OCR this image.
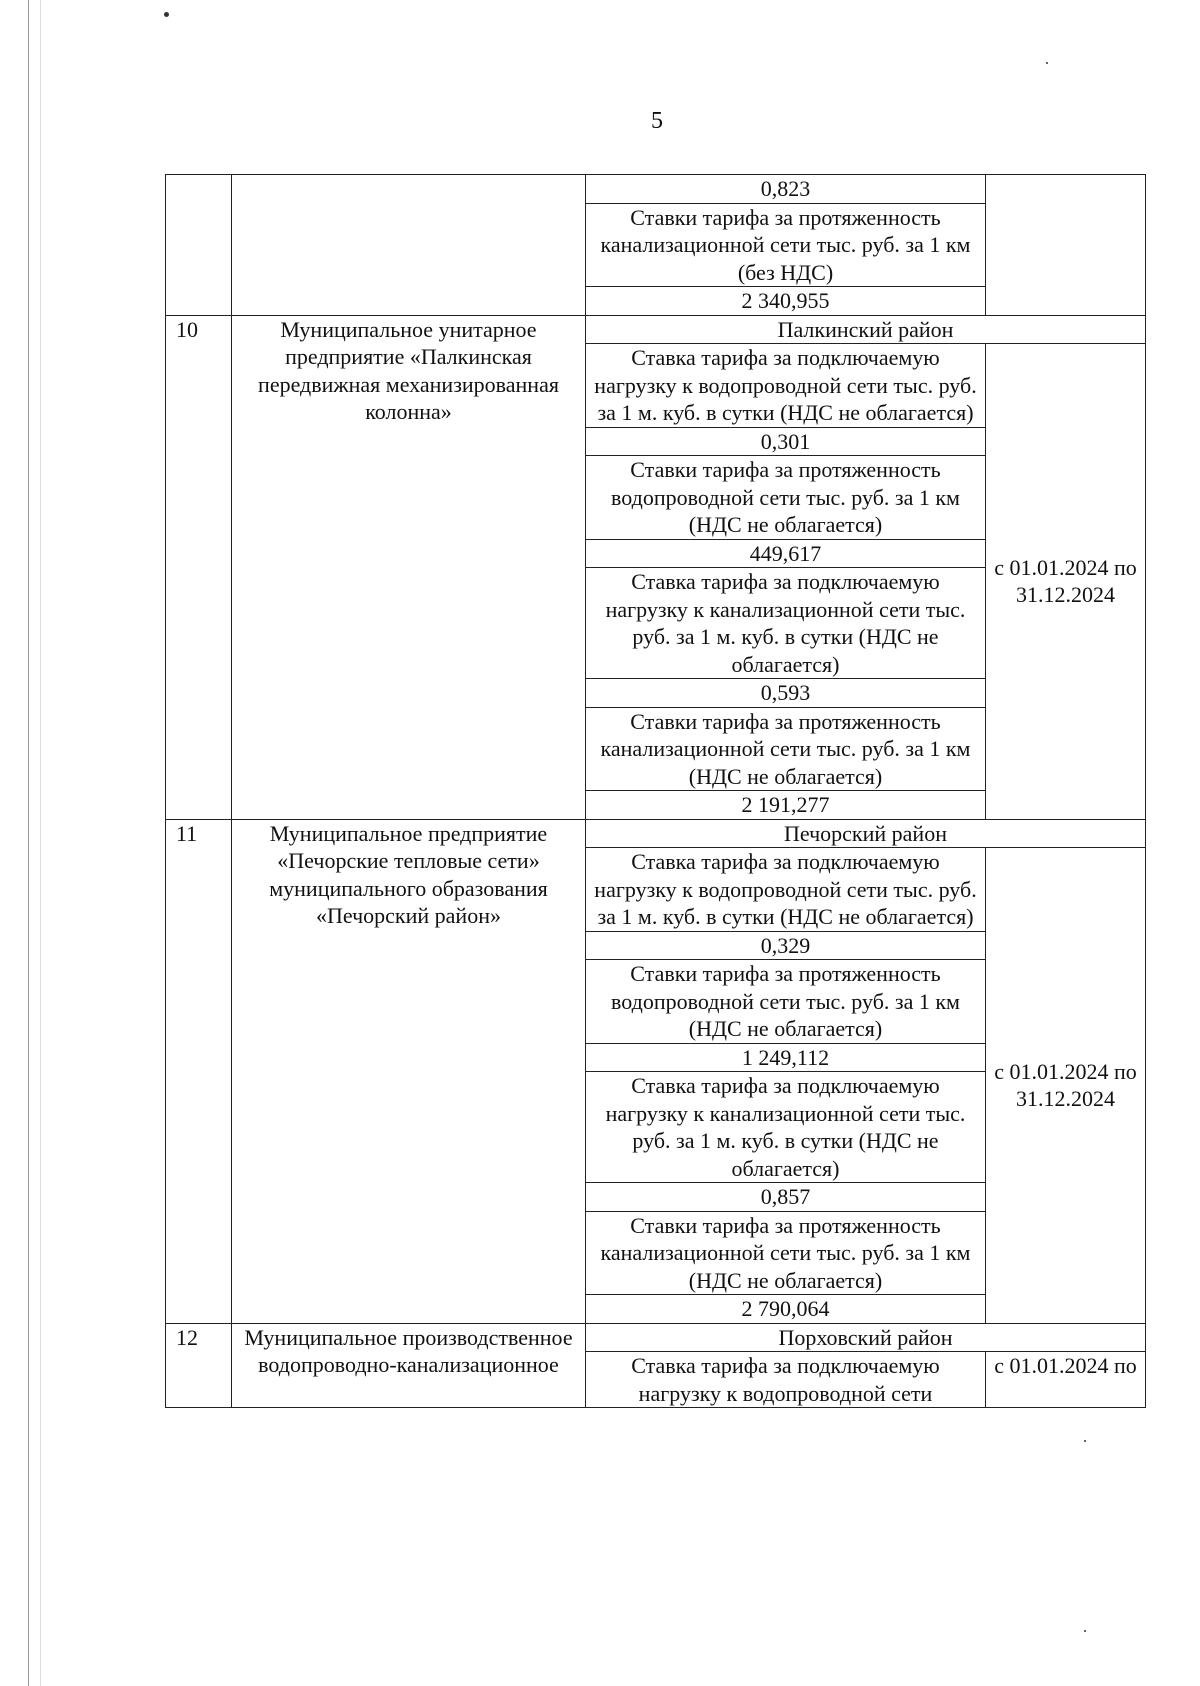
5
		0,823	
		Ставки тарифа за протяженность канализационной сети тыс. руб. за 1 км (без НДС)	
		2 340,955	

10	Муниципальное унитарное предприятие «Палкинская передвижная механизированная колонна»	Палкинский район	
		Ставка тарифа за подключаемую нагрузку к водопроводной сети тыс. руб. за 1 м. куб. в сутки (НДС не облагается)	с 01.01.2024 по 31.12.2024
		0,301	
		Ставки тарифа за протяженность водопроводной сети тыс. руб. за 1 км (НДС не облагается)	
		449,617	
		Ставка тарифа за подключаемую нагрузку к канализационной сети тыс. руб. за 1 м. куб. в сутки (НДС не облагается)	
		0,593	
		Ставки тарифа за протяженность канализационной сети тыс. руб. за 1 км (НДС не облагается)	
		2 191,277	
11	Муниципальное предприятие «Печорские тепловые сети» муниципального образования «Печорский район»	Печорский район	
		Ставка тарифа за подключаемую нагрузку к водопроводной сети тыс. руб. за 1 м. куб. в сутки (НДС не облагается)	с 01.01.2024 по 31.12.2024
		0,329	
		Ставки тарифа за протяженность водопроводной сети тыс. руб. за 1 км (НДС не облагается)	
		1 249,112	
		Ставка тарифа за подключаемую нагрузку к канализационной сети тыс. руб. за 1 м. куб. в сутки (НДС не облагается)	
		0,857	
		Ставки тарифа за протяженность канализационной сети тыс. руб. за 1 км (НДС не облагается)	
		2 790,064	
12	Муниципальное производственное водопроводно-канализационное	Порховский район	
		Ставка тарифа за подключаемую нагрузку к водопроводной сети	с 01.01.2024 по
